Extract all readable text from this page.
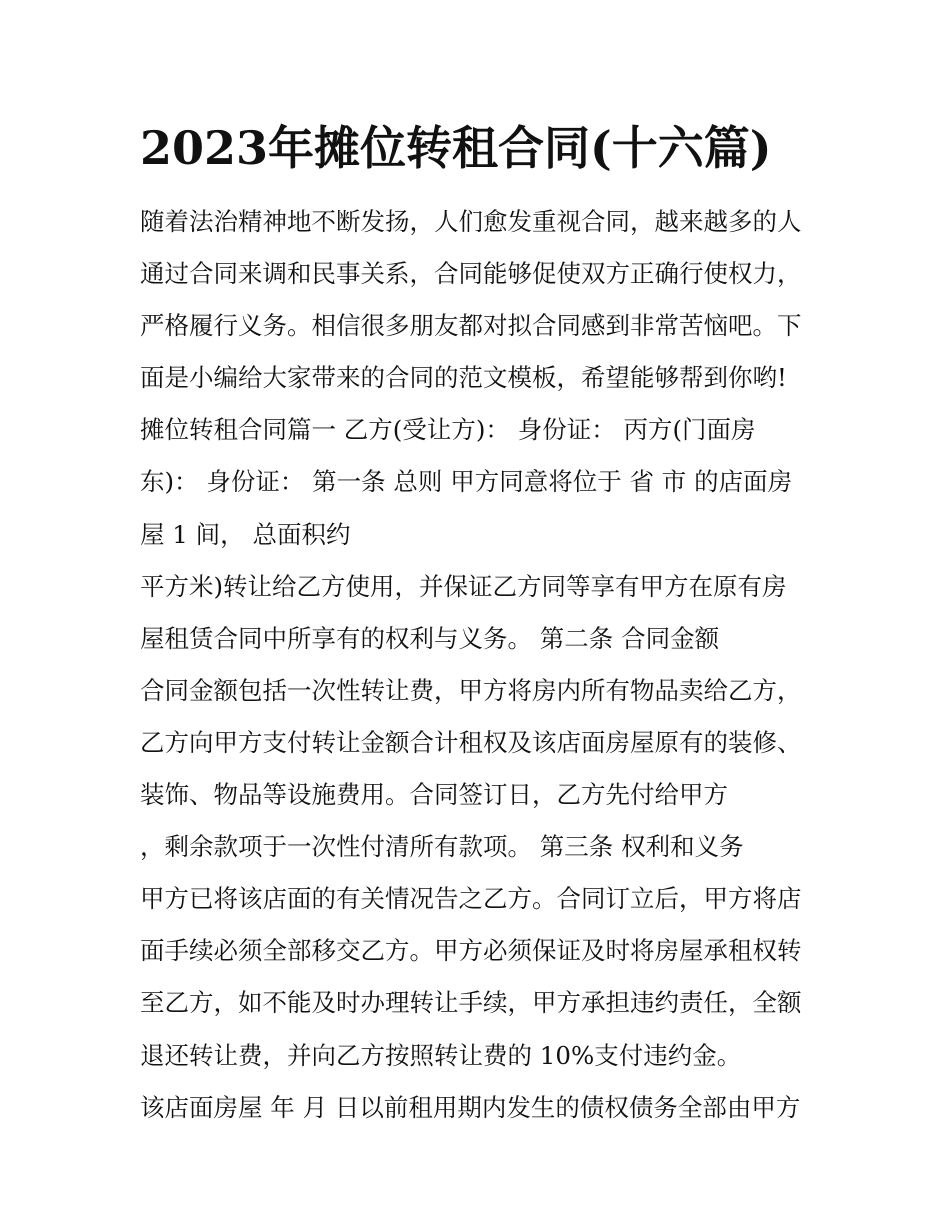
2023年摊位转租合同(十六篇)
随着法治精神地不断发扬，人们愈发重视合同，越来越多的人
通过合同来调和民事关系，合同能够促使双方正确行使权力，
严格履行义务。相信很多朋友都对拟合同感到非常苦恼吧。下
面是小编给大家带来的合同的范文模板，希望能够帮到你哟!
摊位转租合同篇一 乙方(受让方)： 身份证： 丙方(门面房
东)： 身份证： 第一条 总则 甲方同意将位于 省 市 的店面房
屋 1 间， 总面积约
平方米)转让给乙方使用，并保证乙方同等享有甲方在原有房
屋租赁合同中所享有的权利与义务。 第二条 合同金额
合同金额包括一次性转让费，甲方将房内所有物品卖给乙方，
乙方向甲方支付转让金额合计租权及该店面房屋原有的装修、
装饰、物品等设施费用。合同签订日，乙方先付给甲方
，剩余款项于一次性付清所有款项。 第三条 权利和义务
甲方已将该店面的有关情况告之乙方。合同订立后，甲方将店
面手续必须全部移交乙方。甲方必须保证及时将房屋承租权转
至乙方，如不能及时办理转让手续，甲方承担违约责任，全额
退还转让费，并向乙方按照转让费的 10%支付违约金。
该店面房屋 年 月 日以前租用期内发生的债权债务全部由甲方
